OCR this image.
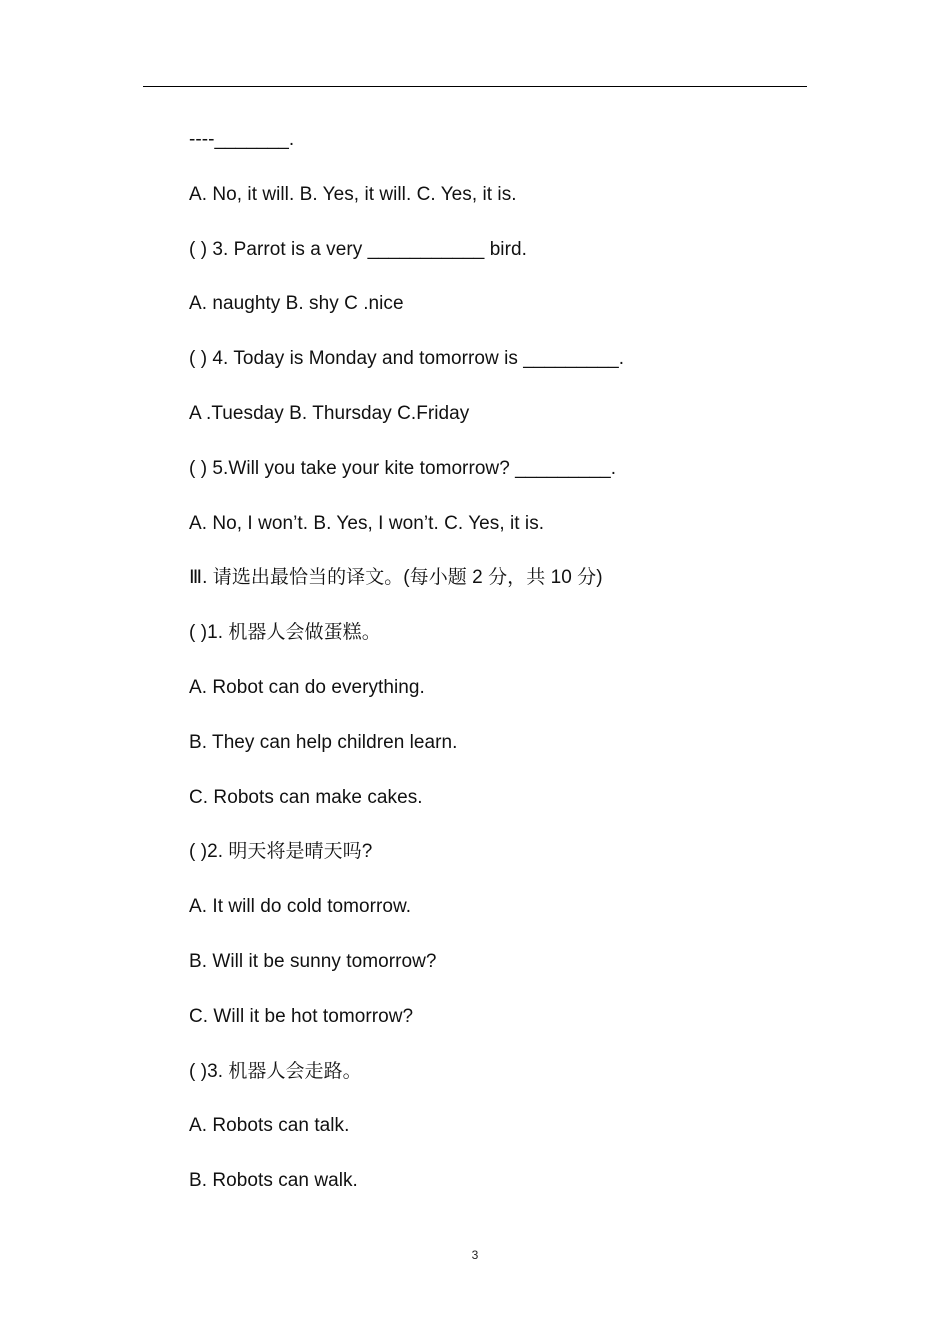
----_______.
A. No, it will. B. Yes, it will. C. Yes, it is.
( ) 3. Parrot is a very ___________ bird.
A. naughty B. shy C .nice
( ) 4. Today is Monday and tomorrow is _________.
A .Tuesday B. Thursday C.Friday
( ) 5.Will you take your kite tomorrow? _________.
A. No, I won’t. B. Yes, I won’t. C. Yes, it is.
Ⅲ. 请选出最恰当的译文。(每小题 2 分，共 10 分)
( )1. 机器人会做蛋糕。
A. Robot can do everything.
B. They can help children learn.
C. Robots can make cakes.
( )2. 明天将是晴天吗?
A. It will do cold tomorrow.
B. Will it be sunny tomorrow?
C. Will it be hot tomorrow?
( )3. 机器人会走路。
A. Robots can talk.
B. Robots can walk.
3
